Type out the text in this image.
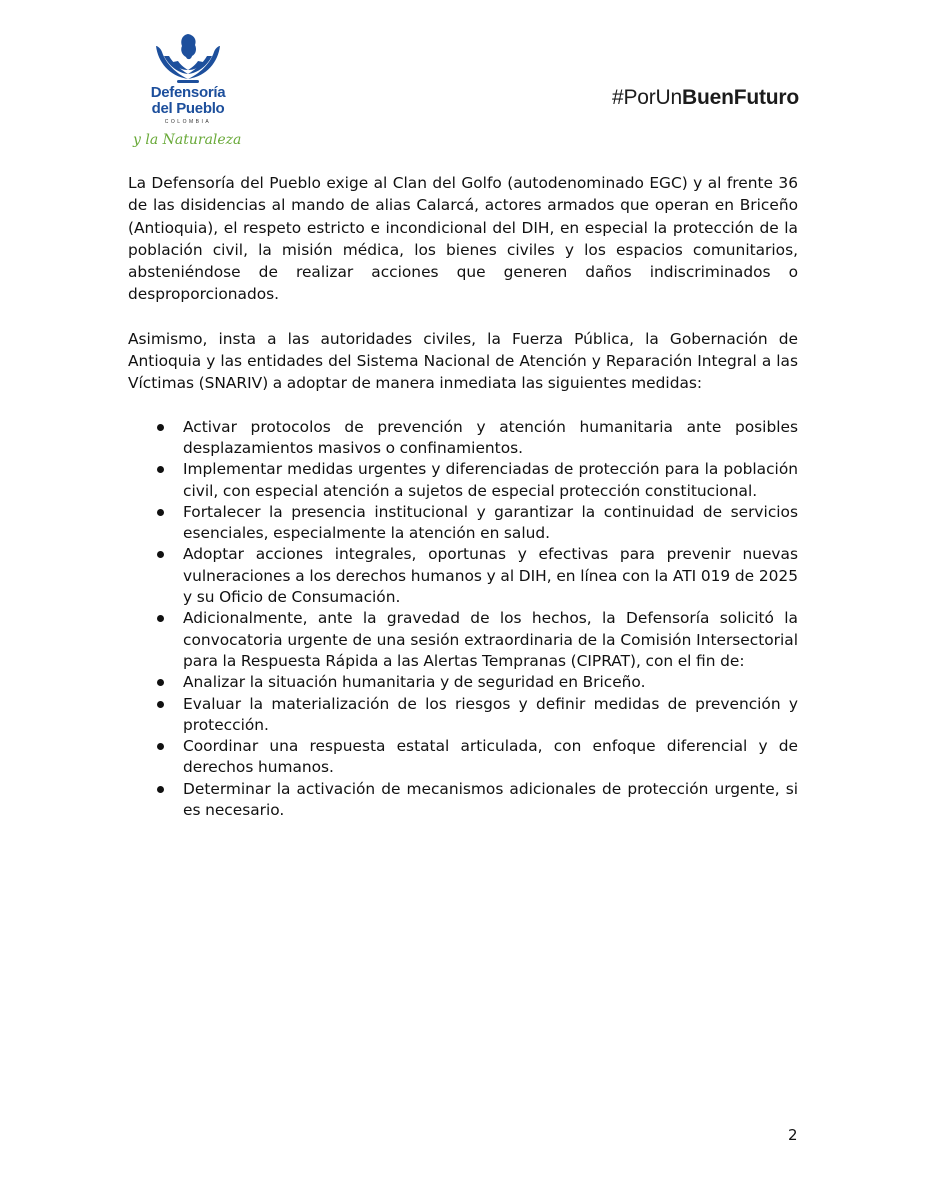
Defensoría
del Pueblo
COLOMBIA
y la Naturaleza
#PorUnBuenFuturo

La Defensoría del Pueblo exige al Clan del Golfo (autodenominado EGC) y al frente 36 de las disidencias al mando de alias Calarcá, actores armados que operan en Briceño (Antioquia), el respeto estricto e incondicional del DIH, en especial la protección de la población civil, la misión médica, los bienes civiles y los espacios comunitarios, absteniéndose de realizar acciones que generen daños indiscriminados o desproporcionados.

Asimismo, insta a las autoridades civiles, la Fuerza Pública, la Gobernación de Antioquia y las entidades del Sistema Nacional de Atención y Reparación Integral a las Víctimas (SNARIV) a adoptar de manera inmediata las siguientes medidas:

Activar protocolos de prevención y atención humanitaria ante posibles desplazamientos masivos o confinamientos.
Implementar medidas urgentes y diferenciadas de protección para la población civil, con especial atención a sujetos de especial protección constitucional.
Fortalecer la presencia institucional y garantizar la continuidad de servicios esenciales, especialmente la atención en salud.
Adoptar acciones integrales, oportunas y efectivas para prevenir nuevas vulneraciones a los derechos humanos y al DIH, en línea con la ATI 019 de 2025 y su Oficio de Consumación.
Adicionalmente, ante la gravedad de los hechos, la Defensoría solicitó la convocatoria urgente de una sesión extraordinaria de la Comisión Intersectorial para la Respuesta Rápida a las Alertas Tempranas (CIPRAT), con el fin de:
Analizar la situación humanitaria y de seguridad en Briceño.
Evaluar la materialización de los riesgos y definir medidas de prevención y protección.
Coordinar una respuesta estatal articulada, con enfoque diferencial y de derechos humanos.
Determinar la activación de mecanismos adicionales de protección urgente, si es necesario.
2
